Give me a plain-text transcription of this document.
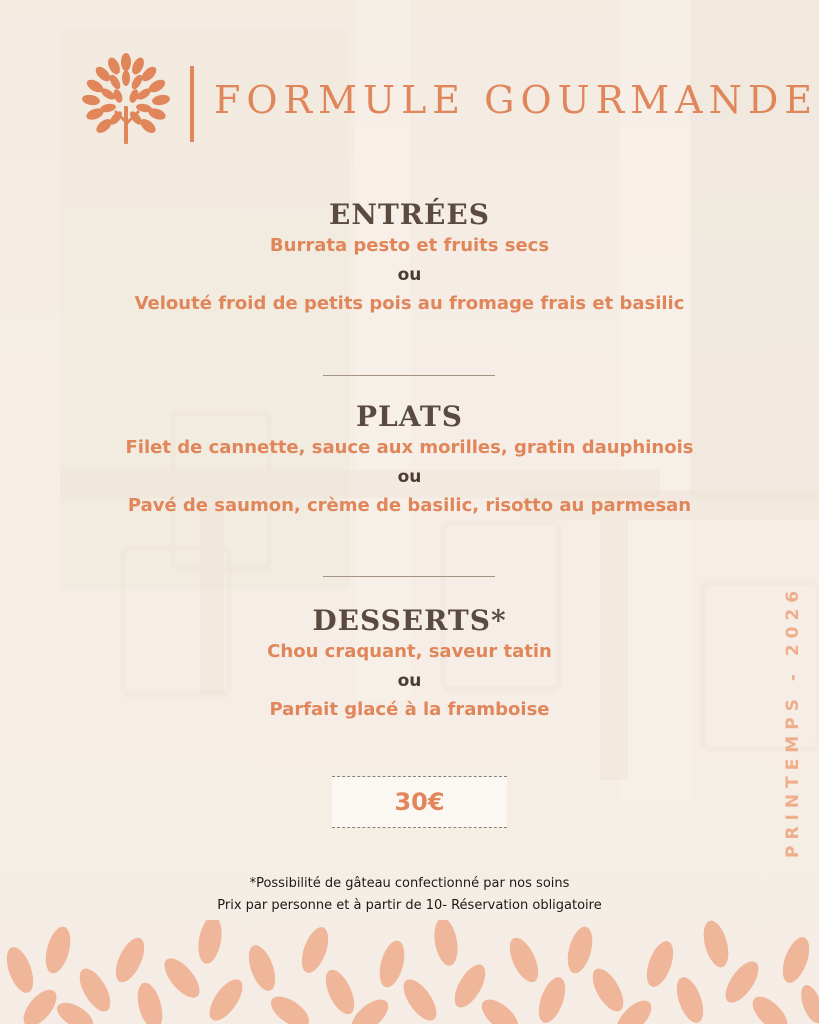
FORMULE GOURMANDE
ENTRÉES
Burrata pesto et fruits secs
ou
Velouté froid de petits pois au fromage frais et basilic
PLATS
Filet de cannette, sauce aux morilles, gratin dauphinois
ou
Pavé de saumon, crème de basilic, risotto au parmesan
DESSERTS*
Chou craquant, saveur tatin
ou
Parfait glacé à la framboise
30€
*Possibilité de gâteau confectionné par nos soins
Prix par personne et à partir de 10- Réservation obligatoire
PRINTEMPS - 2026
